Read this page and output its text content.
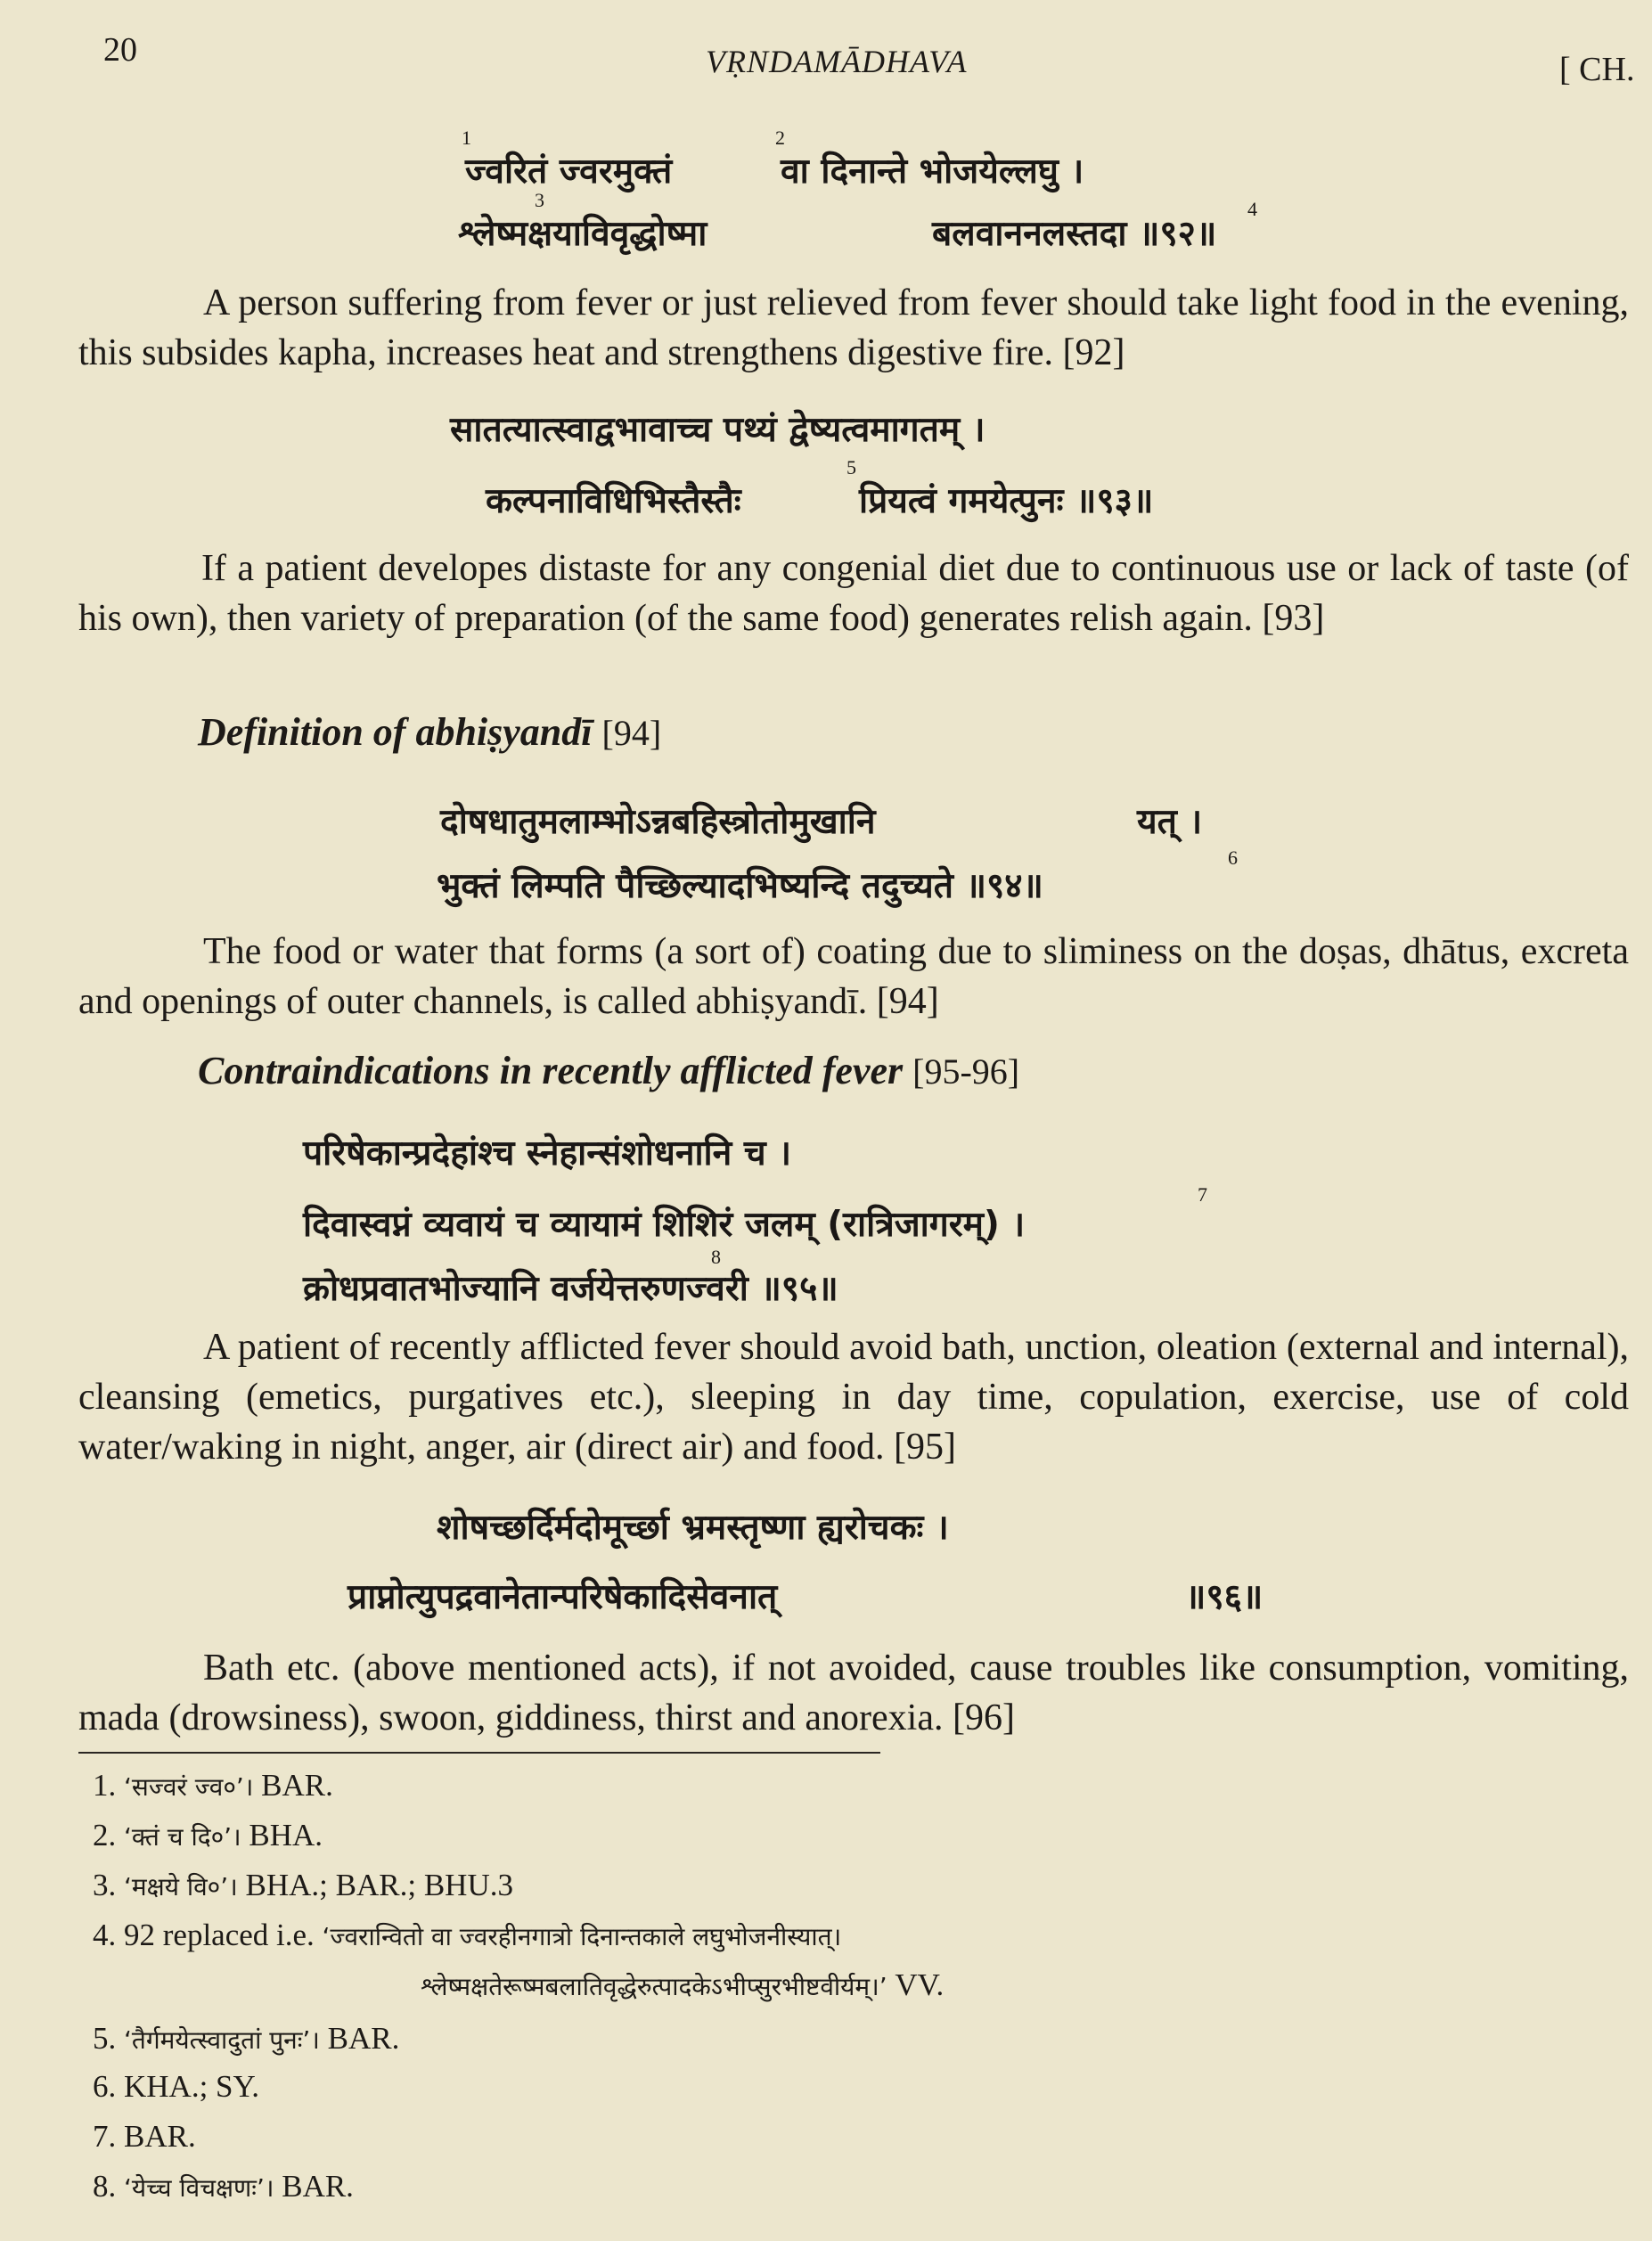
20	VṚNDAMĀDHAVA	[ CH.
1
ज्वरितं ज्वरमुक्तं
2
वा दिनान्ते भोजयेल्लघु ।
3
श्लेष्मक्षयाविवृद्धोष्मा	बलवाननलस्तदा ॥९२॥
4
A person suffering from fever or just relieved from fever should take light food in the evening, this subsides kapha, increases heat and strengthens digestive fire. [92]
सातत्यात्स्वाद्वभावाच्च पथ्यं द्वेष्यत्वमागतम् ।
कल्पनाविधिभिस्तैस्तैः
5
प्रियत्वं गमयेत्पुनः ॥९३॥
If a patient developes distaste for any congenial diet due to continuous use or lack of taste (of his own), then variety of preparation (of the same food) generates relish again. [93]
Definition of abhiṣyandī [94]
दोषधातुमलाम्भोऽन्नबहिस्त्रोतोमुखानि	यत् ।
भुक्तं लिम्पति पैच्छिल्यादभिष्यन्दि तदुच्यते ॥९४॥
6
The food or water that forms (a sort of) coating due to sliminess on the doṣas, dhātus, excreta and openings of outer channels, is called abhiṣyandī. [94]
Contraindications in recently afflicted fever [95-96]
परिषेकान्प्रदेहांश्च स्नेहान्संशोधनानि च ।
दिवास्वप्नं व्यवायं च व्यायामं शिशिरं जलम् (रात्रिजागरम्) ।
7
क्रोधप्रवातभोज्यानि वर्जयेत्तरुणज्वरी ॥९५॥
8
A patient of recently afflicted fever should avoid bath, unction, oleation (external and internal), cleansing (emetics, purgatives etc.), sleeping in day time, copulation, exercise, use of cold water/waking in night, anger, air (direct air) and food. [95]
शोषच्छर्दिर्मदोमूर्च्छा भ्रमस्तृष्णा ह्यरोचकः ।
प्राप्नोत्युपद्रवानेतान्परिषेकादिसेवनात्	॥९६॥
Bath etc. (above mentioned acts), if not avoided, cause troubles like consumption, vomiting, mada (drowsiness), swoon, giddiness, thirst and anorexia. [96]
1. ‘सज्वरं ज्व०’। BAR.
2. ‘क्तं च दि०’। BHA.
3. ‘मक्षये वि०’। BHA.; BAR.; BHU.3
4. 92 replaced i.e. ‘ज्वरान्वितो वा ज्वरहीनगात्रो दिनान्तकाले लघुभोजनीस्यात्।
श्लेष्मक्षतेरूष्मबलातिवृद्धेरुत्पादकेऽभीप्सुरभीष्टवीर्यम्।’ VV.
5. ‘तैर्गमयेत्स्वादुतां पुनः’। BAR.
6. KHA.; SY.
7. BAR.
8. ‘येच्च विचक्षणः’। BAR.
